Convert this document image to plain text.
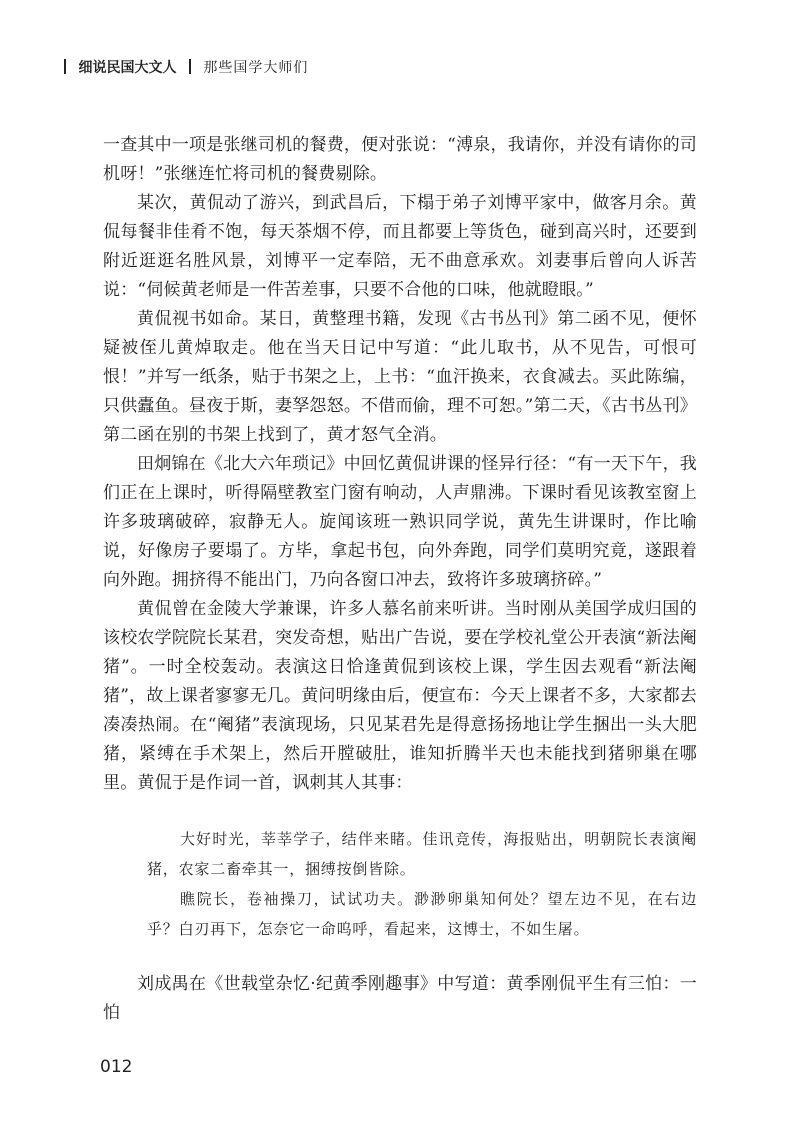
细说民国大文人 那些国学大师们

一查其中一项是张继司机的餐费，便对张说：“溥泉，我请你，并没有请你的司机呀！”张继连忙将司机的餐费剔除。

某次，黄侃动了游兴，到武昌后，下榻于弟子刘博平家中，做客月余。黄侃每餐非佳肴不饱，每天茶烟不停，而且都要上等货色，碰到高兴时，还要到附近逛逛名胜风景，刘博平一定奉陪，无不曲意承欢。刘妻事后曾向人诉苦说：“伺候黄老师是一件苦差事，只要不合他的口味，他就瞪眼。”

黄侃视书如命。某日，黄整理书籍，发现《古书丛刊》第二函不见，便怀疑被侄儿黄焯取走。他在当天日记中写道：“此儿取书，从不见告，可恨可恨！”并写一纸条，贴于书架之上，上书：“血汗换来，衣食减去。买此陈编，只供蠹鱼。昼夜于斯，妻孥怨怒。不借而偷，理不可恕。”第二天，《古书丛刊》第二函在别的书架上找到了，黄才怒气全消。

田炯锦在《北大六年琐记》中回忆黄侃讲课的怪异行径：“有一天下午，我们正在上课时，听得隔壁教室门窗有响动，人声鼎沸。下课时看见该教室窗上许多玻璃破碎，寂静无人。旋闻该班一熟识同学说，黄先生讲课时，作比喻说，好像房子要塌了。方毕，拿起书包，向外奔跑，同学们莫明究竟，遂跟着向外跑。拥挤得不能出门，乃向各窗口冲去，致将许多玻璃挤碎。”

黄侃曾在金陵大学兼课，许多人慕名前来听讲。当时刚从美国学成归国的该校农学院院长某君，突发奇想，贴出广告说，要在学校礼堂公开表演“新法阉猪”。一时全校轰动。表演这日恰逢黄侃到该校上课，学生因去观看“新法阉猪”，故上课者寥寥无几。黄问明缘由后，便宣布：今天上课者不多，大家都去凑凑热闹。在“阉猪”表演现场，只见某君先是得意扬扬地让学生捆出一头大肥猪，紧缚在手术架上，然后开膛破肚，谁知折腾半天也未能找到猪卵巢在哪里。黄侃于是作词一首，讽刺其人其事：

大好时光，莘莘学子，结伴来睹。佳讯竞传，海报贴出，明朝院长表演阉猪，农家二畜牵其一，捆缚按倒皆除。

瞧院长，卷袖操刀，试试功夫。渺渺卵巢知何处？望左边不见，在右边乎？白刃再下，怎奈它一命呜呼，看起来，这博士，不如生屠。

刘成禺在《世载堂杂忆·纪黄季刚趣事》中写道：黄季刚侃平生有三怕：一怕

012
